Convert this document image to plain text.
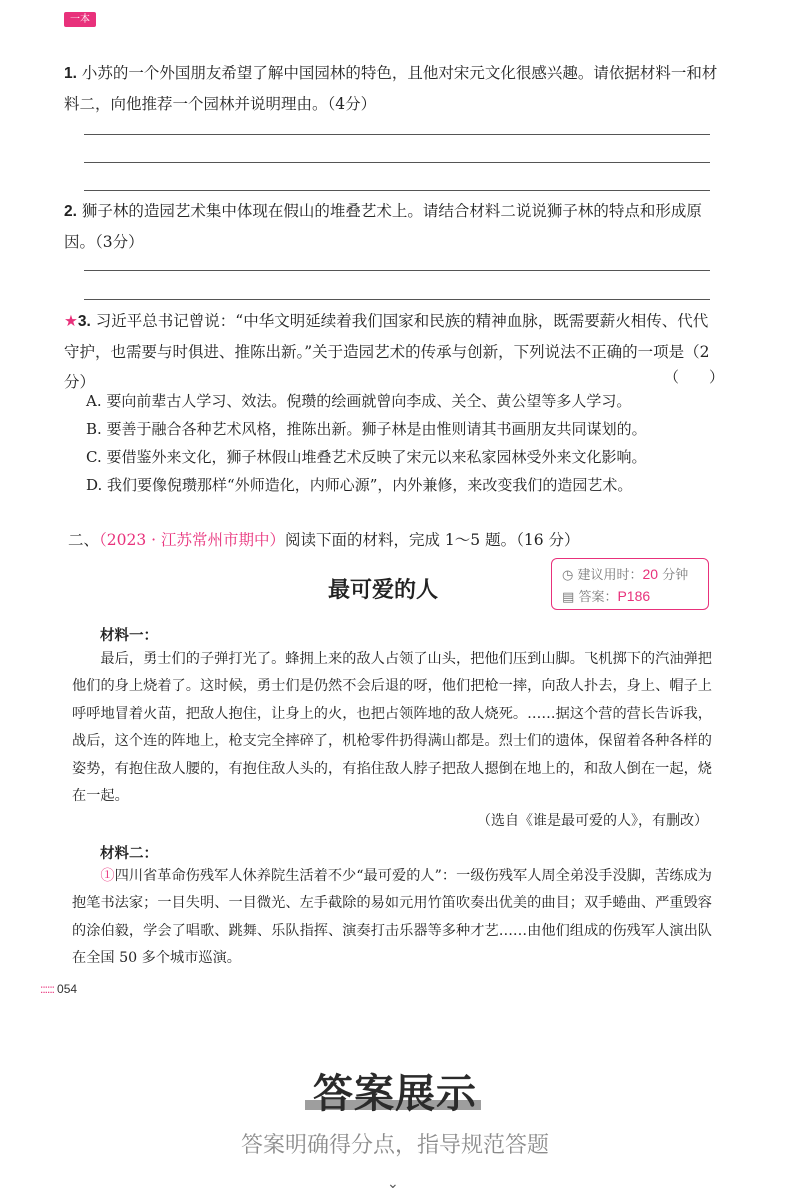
一本
1. 小苏的一个外国朋友希望了解中国园林的特色，且他对宋元文化很感兴趣。请依据材料一和材料二，向他推荐一个园林并说明理由。（4分）
2. 狮子林的造园艺术集中体现在假山的堆叠艺术上。请结合材料二说说狮子林的特点和形成原因。（3分）
★3. 习近平总书记曾说：“中华文明延续着我们国家和民族的精神血脉，既需要薪火相传、代代守护，也需要与时俱进、推陈出新。”关于造园艺术的传承与创新，下列说法不正确的一项是（2分）	（　　）
A. 要向前辈古人学习、效法。倪瓒的绘画就曾向李成、关仝、黄公望等多人学习。
B. 要善于融合各种艺术风格，推陈出新。狮子林是由惟则请其书画朋友共同谋划的。
C. 要借鉴外来文化，狮子林假山堆叠艺术反映了宋元以来私家园林受外来文化影响。
D. 我们要像倪瓒那样“外师造化，内师心源”，内外兼修，来改变我们的造园艺术。
二、（2023 · 江苏常州市期中）阅读下面的材料，完成 1～5 题。（16 分）
最可爱的人
◷ 建议用时：20 分钟
▤ 答案：P186
材料一：
最后，勇士们的子弹打光了。蜂拥上来的敌人占领了山头，把他们压到山脚。飞机掷下的汽油弹把他们的身上烧着了。这时候，勇士们是仍然不会后退的呀，他们把枪一摔，向敌人扑去，身上、帽子上呼呼地冒着火苗，把敌人抱住，让身上的火，也把占领阵地的敌人烧死。……据这个营的营长告诉我，战后，这个连的阵地上，枪支完全摔碎了，机枪零件扔得满山都是。烈士们的遗体，保留着各种各样的姿势，有抱住敌人腰的，有抱住敌人头的，有掐住敌人脖子把敌人摁倒在地上的，和敌人倒在一起，烧在一起。
（选自《谁是最可爱的人》，有删改）
材料二：
①四川省革命伤残军人休养院生活着不少“最可爱的人”：一级伤残军人周全弟没手没脚，苦练成为抱笔书法家；一目失明、一目微光、左手截除的易如元用竹笛吹奏出优美的曲目；双手蜷曲、严重毁容的涂伯毅，学会了唱歌、跳舞、乐队指挥、演奏打击乐器等多种才艺……由他们组成的伤残军人演出队在全国 50 多个城市巡演。
:::::: 054
答案展示
答案明确得分点，指导规范答题
⌄
